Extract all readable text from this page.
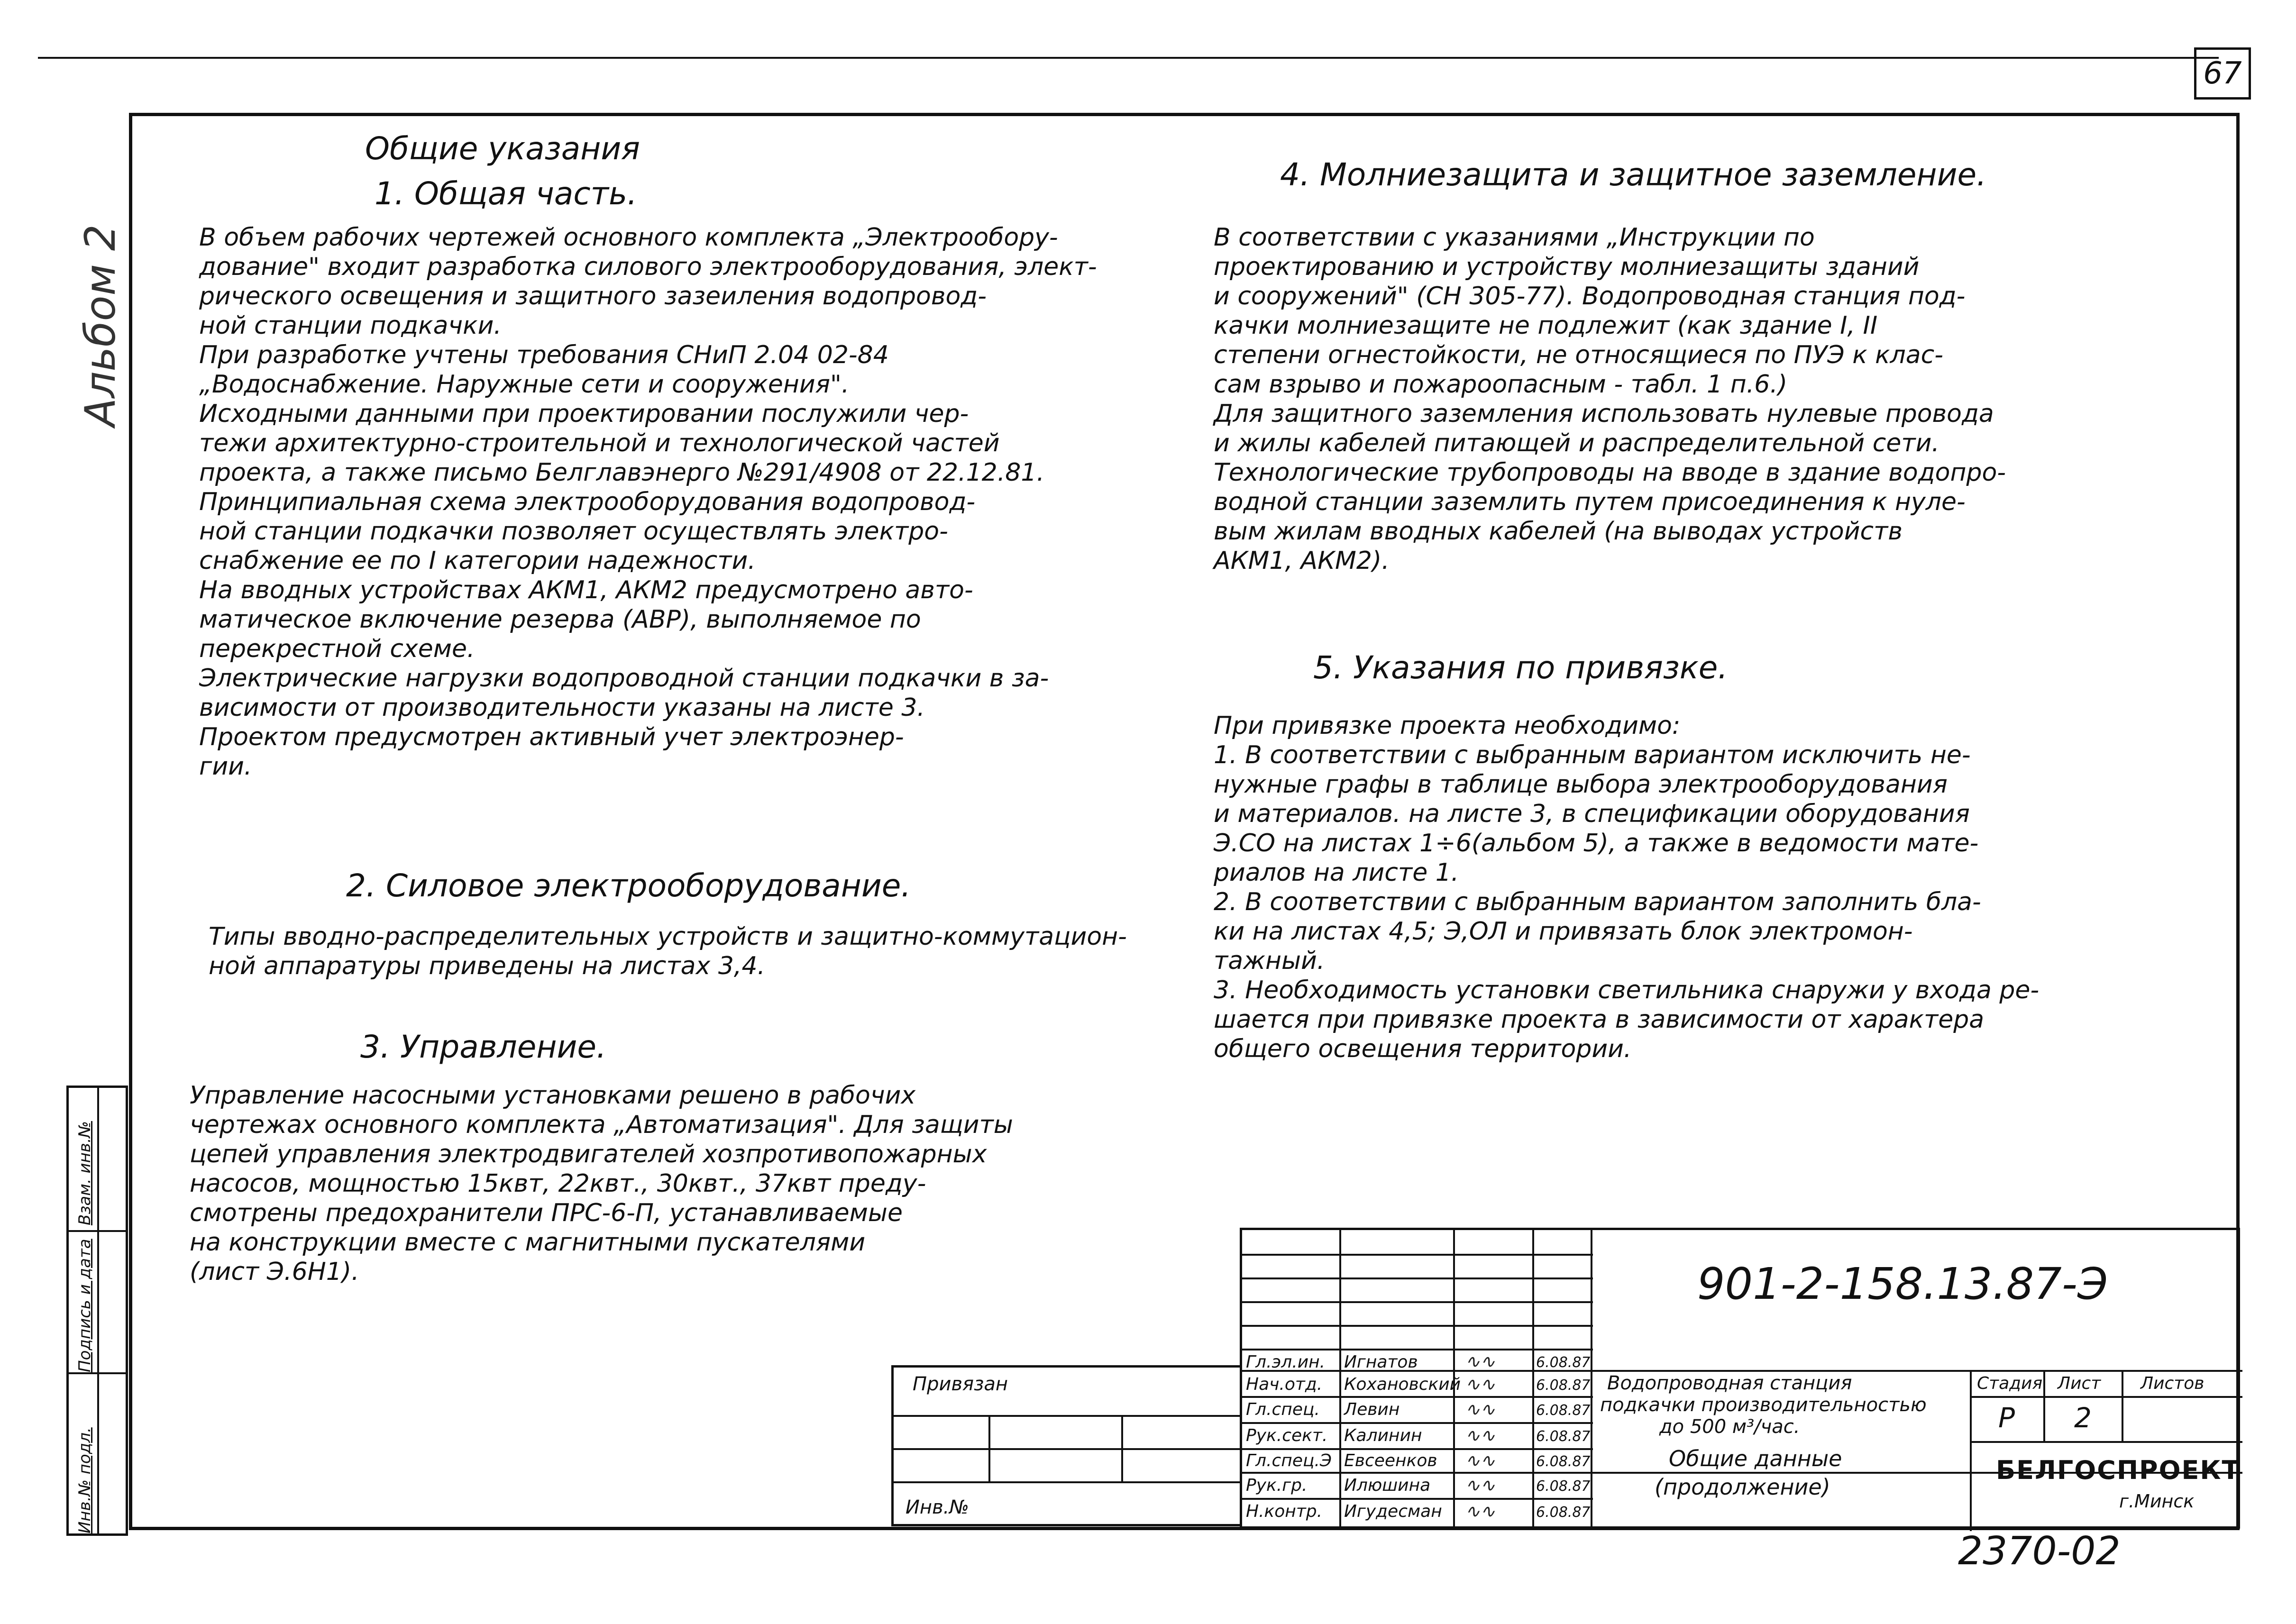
67
Альбом 2
Инв.№ подл.
Подпись и дата
Взам. инв.№
Общие указания
1. Общая часть.
В объем рабочих чертежей основного комплекта „Электрообору-
дование" входит разработка силового электрооборудования, элект-
рического освещения и защитного зазеиления водопровод-
ной станции подкачки.
При разработке учтены требования СНиП 2.04 02-84
„Водоснабжение. Наружные сети и сооружения".
Исходными данными при проектировании послужили чер-
тежи архитектурно-строительной и технологической частей
проекта, а также письмо Белглавэнерго №291/4908 от 22.12.81.
Принципиальная схема электрооборудования водопровод-
ной станции подкачки позволяет осуществлять электро-
снабжение ее по I категории надежности.
На вводных устройствах АКМ1, АКМ2 предусмотрено авто-
матическое включение резерва (АВР), выполняемое по
перекрестной схеме.
Электрические нагрузки водопроводной станции подкачки в за-
висимости от производительности указаны на листе 3.
Проектом предусмотрен активный учет электроэнер-
гии.
2. Силовое электрооборудование.
Типы вводно-распределительных устройств и защитно-коммутацион-
ной аппаратуры приведены на листах 3,4.
3. Управление.
Управление насосными установками решено в рабочих
чертежах основного комплекта „Автоматизация". Для защиты
цепей управления электродвигателей хозпротивопожарных
насосов, мощностью 15квт, 22квт., 30квт., 37квт преду-
смотрены предохранители ПРС-6-П, устанавливаемые
на конструкции вместе с магнитными пускателями
(лист Э.6Н1).
4. Молниезащита и защитное заземление.
В соответствии с указаниями „Инструкции по
проектированию и устройству молниезащиты зданий
и сооружений" (СН 305-77). Водопроводная станция под-
качки молниезащите не подлежит (как здание I, II
степени огнестойкости, не относящиеся по ПУЭ к клас-
сам взрыво и пожароопасным - табл. 1 п.6.)
Для защитного заземления использовать нулевые провода
и жилы кабелей питающей и распределительной сети.
Технологические трубопроводы на вводе в здание водопро-
водной станции заземлить путем присоединения к нуле-
вым жилам вводных кабелей (на выводах устройств
АКМ1, АКМ2).
5. Указания по привязке.
При привязке проекта необходимо:
1. В соответствии с выбранным вариантом исключить не-
нужные графы в таблице выбора электрооборудования
и материалов. на листе 3, в спецификации оборудования
Э.СО на листах 1÷6(альбом 5), а также в ведомости мате-
риалов на листе 1.
2. В соответствии с выбранным вариантом заполнить бла-
ки на листах 4,5; Э,ОЛ и привязать блок электромон-
тажный.
3. Необходимость установки светильника снаружи у входа ре-
шается при привязке проекта в зависимости от характера
общего освещения территории.
Привязан
Инв.№
901-2-158.13.87-Э
Гл.эл.ин. Игнатов	∿∿	6.08.87
Нач.отд. Кохановский ∿∿	6.08.87
Гл.спец. Левин	∿∿	6.08.87
Рук.сект. Калинин ∿∿	6.08.87
Гл.спец.Э Евсеенков ∿∿	6.08.87
Рук.гр. Илюшина ∿∿	6.08.87
Н.контр. Игудесман ∿∿	6.08.87
Водопроводная станция
подкачки производительностью
до 500 м³/час.
Общие данные
(продолжение)
Стадия Лист Листов
Р 2
БЕЛГОСПРОЕКТ
г.Минск
2370-02
